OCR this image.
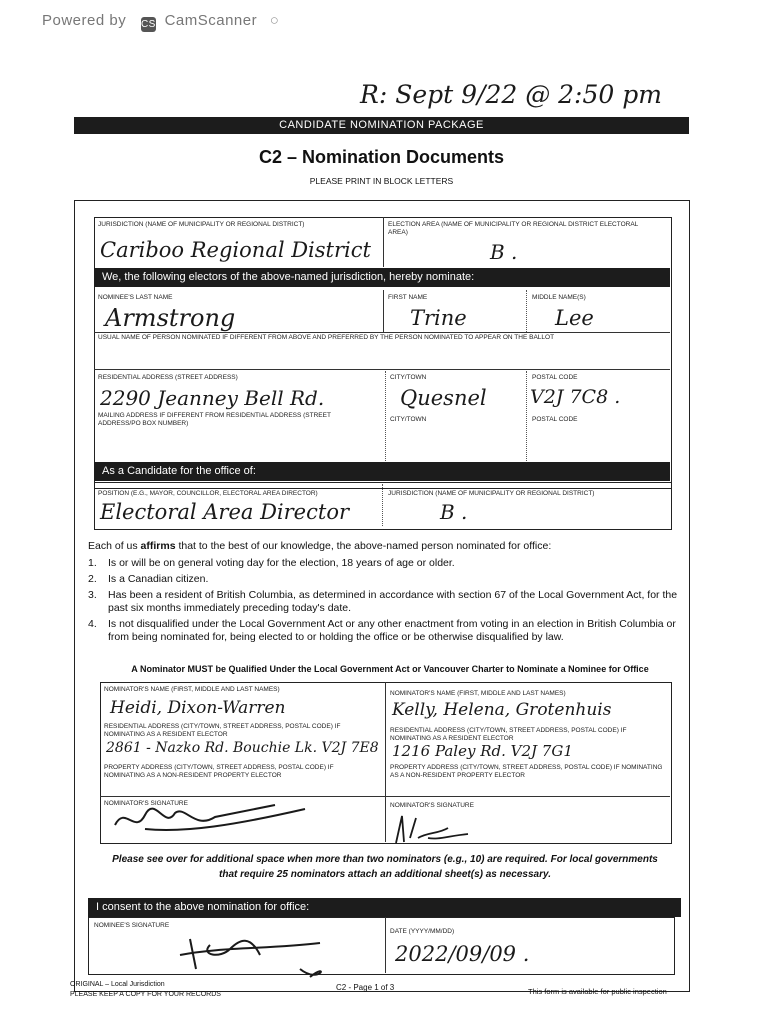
Powered by CS CamScanner ○
R: Sept 9/22 @ 2:50 pm
CANDIDATE NOMINATION PACKAGE
C2 – Nomination Documents
PLEASE PRINT IN BLOCK LETTERS
JURISDICTION (NAME OF MUNICIPALITY OR REGIONAL DISTRICT)
Cariboo Regional District
ELECTION AREA (NAME OF MUNICIPALITY OR REGIONAL DISTRICT ELECTORAL AREA)
B .
We, the following electors of the above-named jurisdiction, hereby nominate:
NOMINEE'S LAST NAME
Armstrong
FIRST NAME
Trine
MIDDLE NAME(S)
Lee
USUAL NAME OF PERSON NOMINATED IF DIFFERENT FROM ABOVE AND PREFERRED BY THE PERSON NOMINATED TO APPEAR ON THE BALLOT
RESIDENTIAL ADDRESS (STREET ADDRESS)
2290 Jeanney Bell Rd.
CITY/TOWN
Quesnel
POSTAL CODE
V2J 7C8 .
MAILING ADDRESS IF DIFFERENT FROM RESIDENTIAL ADDRESS (STREET ADDRESS/PO BOX NUMBER)	CITY/TOWN	POSTAL CODE
As a Candidate for the office of:
POSITION (E.G., MAYOR, COUNCILLOR, ELECTORAL AREA DIRECTOR)
Electoral Area Director
JURISDICTION (NAME OF MUNICIPALITY OR REGIONAL DISTRICT)
B .
Each of us affirms that to the best of our knowledge, the above-named person nominated for office:
1.	Is or will be on general voting day for the election, 18 years of age or older.
2.	Is a Canadian citizen.
3.	Has been a resident of British Columbia, as determined in accordance with section 67 of the Local Government Act, for the past six months immediately preceding today's date.
4.	Is not disqualified under the Local Government Act or any other enactment from voting in an election in British Columbia or from being nominated for, being elected to or holding the office or be otherwise disqualified by law.
A Nominator MUST be Qualified Under the Local Government Act or Vancouver Charter to Nominate a Nominee for Office
NOMINATOR'S NAME (FIRST, MIDDLE AND LAST NAMES)
Heidi, Dixon-Warren
RESIDENTIAL ADDRESS (CITY/TOWN, STREET ADDRESS, POSTAL CODE) IF NOMINATING AS A RESIDENT ELECTOR
2861 - Nazko Rd. Bouchie Lk. V2J 7E8
PROPERTY ADDRESS (CITY/TOWN, STREET ADDRESS, POSTAL CODE) IF NOMINATING AS A NON-RESIDENT PROPERTY ELECTOR
NOMINATOR'S SIGNATURE
NOMINATOR'S NAME (FIRST, MIDDLE AND LAST NAMES)
Kelly, Helena, Grotenhuis
RESIDENTIAL ADDRESS (CITY/TOWN, STREET ADDRESS, POSTAL CODE) IF NOMINATING AS A RESIDENT ELECTOR
1216 Paley Rd. V2J 7G1
PROPERTY ADDRESS (CITY/TOWN, STREET ADDRESS, POSTAL CODE) IF NOMINATING AS A NON-RESIDENT PROPERTY ELECTOR
NOMINATOR'S SIGNATURE
Please see over for additional space when more than two nominators (e.g., 10) are required. For local governments that require 25 nominators attach an additional sheet(s) as necessary.
I consent to the above nomination for office:
NOMINEE'S SIGNATURE
DATE (YYYY/MM/DD)
2022/09/09 .
ORIGINAL – Local Jurisdiction
PLEASE KEEP A COPY FOR YOUR RECORDS
C2 - Page 1 of 3	This form is available for public inspection
